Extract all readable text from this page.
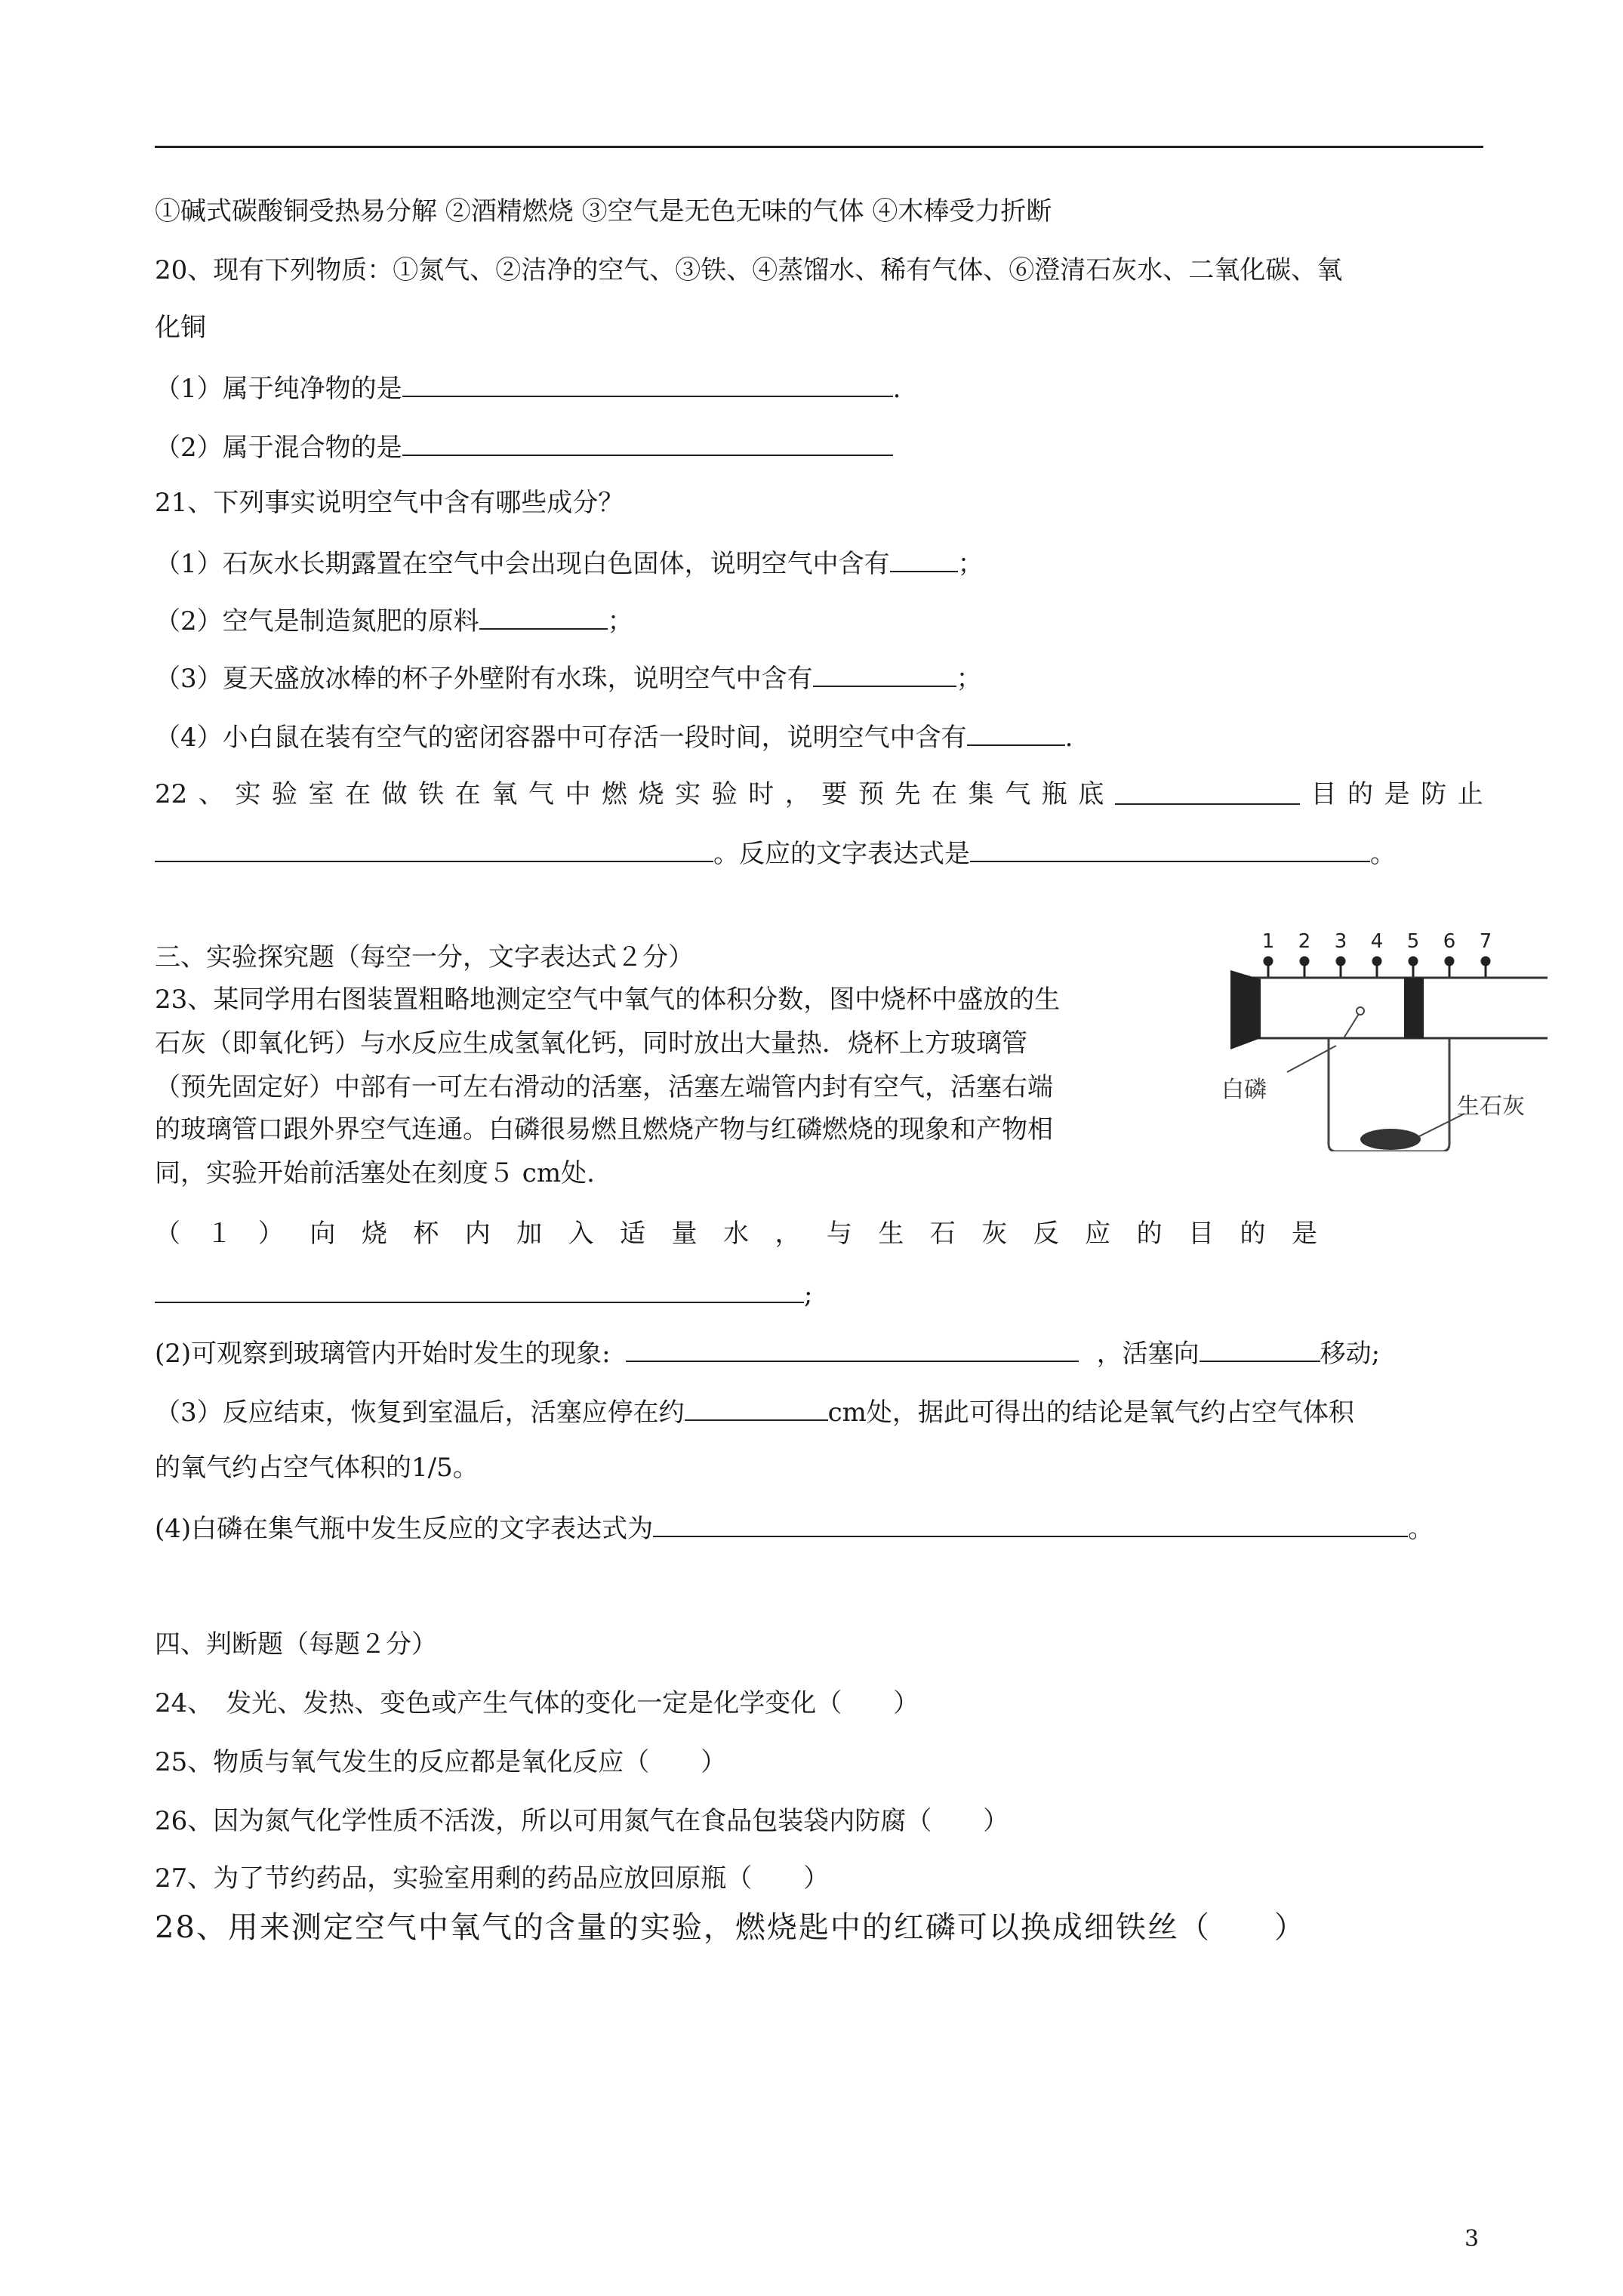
①碱式碳酸铜受热易分解 ②酒精燃烧 ③空气是无色无味的气体 ④木棒受力折断
20、现有下列物质：①氮气、②洁净的空气、③铁、④蒸馏水、稀有气体、⑥澄清石灰水、二氧化碳、氧
化铜
（1）属于纯净物的是	.
（2）属于混合物的是
21、下列事实说明空气中含有哪些成分？
（1）石灰水长期露置在空气中会出现白色固体，说明空气中含有	；
（2）空气是制造氮肥的原料	；
（3）夏天盛放冰棒的杯子外壁附有水珠，说明空气中含有	；
（4）小白鼠在装有空气的密闭容器中可存活一段时间，说明空气中含有	.
22 、 实 验 室 在 做 铁 在 氧 气 中 燃 烧 实 验 时 ， 要 预 先 在 集 气 瓶 底	目 的 是 防 止
。反应的文字表达式是	。
三、实验探究题（每空一分，文字表达式２分）
23、某同学用右图装置粗略地测定空气中氧气的体积分数，图中烧杯中盛放的生
石灰（即氧化钙）与水反应生成氢氧化钙，同时放出大量热．烧杯上方玻璃管
（预先固定好）中部有一可左右滑动的活塞，活塞左端管内封有空气，活塞右端
的玻璃管口跟外界空气连通。白磷很易燃且燃烧产物与红磷燃烧的现象和产物相
同，实验开始前活塞处在刻度５ cm处.
（ １ ） 向 烧 杯 内 加 入 适 量 水 ， 与 生 石 灰 反 应 的 目 的 是
;
(2)可观察到玻璃管内开始时发生的现象:	，活塞向	移动;
（3）反应结束，恢复到室温后，活塞应停在约	cm处，据此可得出的结论是氧气约占空气体积
的氧气约占空气体积的1/5。
(4)白磷在集气瓶中发生反应的文字表达式为	。
1 2 3 4 5 6 7
白磷
生石灰
四、判断题（每题２分）
24、　发光、发热、变色或产生气体的变化一定是化学变化（　　）
25、物质与氧气发生的反应都是氧化反应（　　）
26、因为氮气化学性质不活泼，所以可用氮气在食品包装袋内防腐（　　）
27、为了节约药品，实验室用剩的药品应放回原瓶（　　）
28、用来测定空气中氧气的含量的实验，燃烧匙中的红磷可以换成细铁丝（　　）
3
